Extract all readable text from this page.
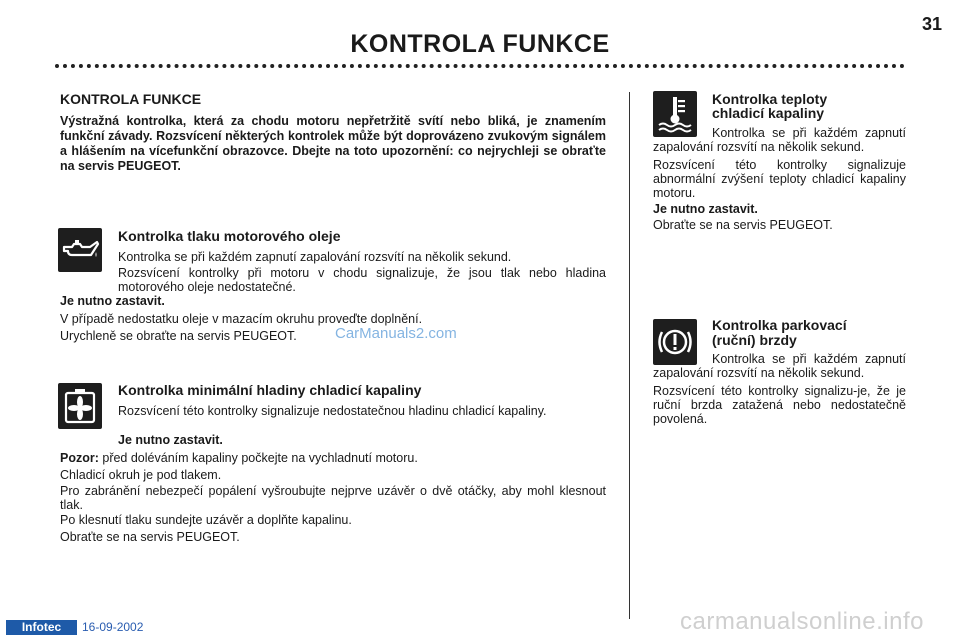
KONTROLA FUNKCE
31
KONTROLA FUNKCE
Výstražná kontrolka, která za chodu motoru nepřetržitě svítí nebo bliká, je znamením funkční závady. Rozsvícení některých kontrolek může být doprovázeno zvukovým signálem a hlášením na vícefunkční obrazovce. Dbejte na toto upozornění: co nejrychleji se obraťte na servis PEUGEOT.
Kontrolka tlaku motorového oleje

Kontrolka se při každém zapnutí zapalování rozsvítí na několik sekund.

Rozsvícení kontrolky při motoru v chodu signalizuje, že jsou tlak nebo hladina motorového oleje nedostatečné.

Je nutno zastavit.

V případě nedostatku oleje v mazacím okruhu proveďte doplnění.

Urychleně se obraťte na servis PEUGEOT.

Kontrolka minimální hladiny chladicí kapaliny

Rozsvícení této kontrolky signalizuje nedostatečnou hladinu chladicí kapaliny.

Je nutno zastavit.

Pozor: před doléváním kapaliny počkejte na vychladnutí motoru.

Chladicí okruh je pod tlakem.

Pro zabránění nebezpečí popálení vyšroubujte nejprve uzávěr o dvě otáčky, aby mohl klesnout tlak.

Po klesnutí tlaku sundejte uzávěr a doplňte kapalinu.

Obraťte se na servis PEUGEOT.

Kontrolka teploty
chladicí kapaliny

Kontrolka se při každém zapnutí zapalování rozsvítí na několik sekund.

Rozsvícení této kontrolky signalizuje abnormální zvýšení teploty chladicí kapaliny motoru.

Je nutno zastavit.

Obraťte se na servis PEUGEOT.

Kontrolka parkovací
(ruční) brzdy

Kontrolka se při každém zapnutí zapalování rozsvítí na několik sekund.

Rozsvícení této kontrolky signalizu-je, že je ruční brzda zatažená nebo nedostatečně povolená.

Infotec	16-09-2002
CarManuals2.com
carmanualsonline.info
